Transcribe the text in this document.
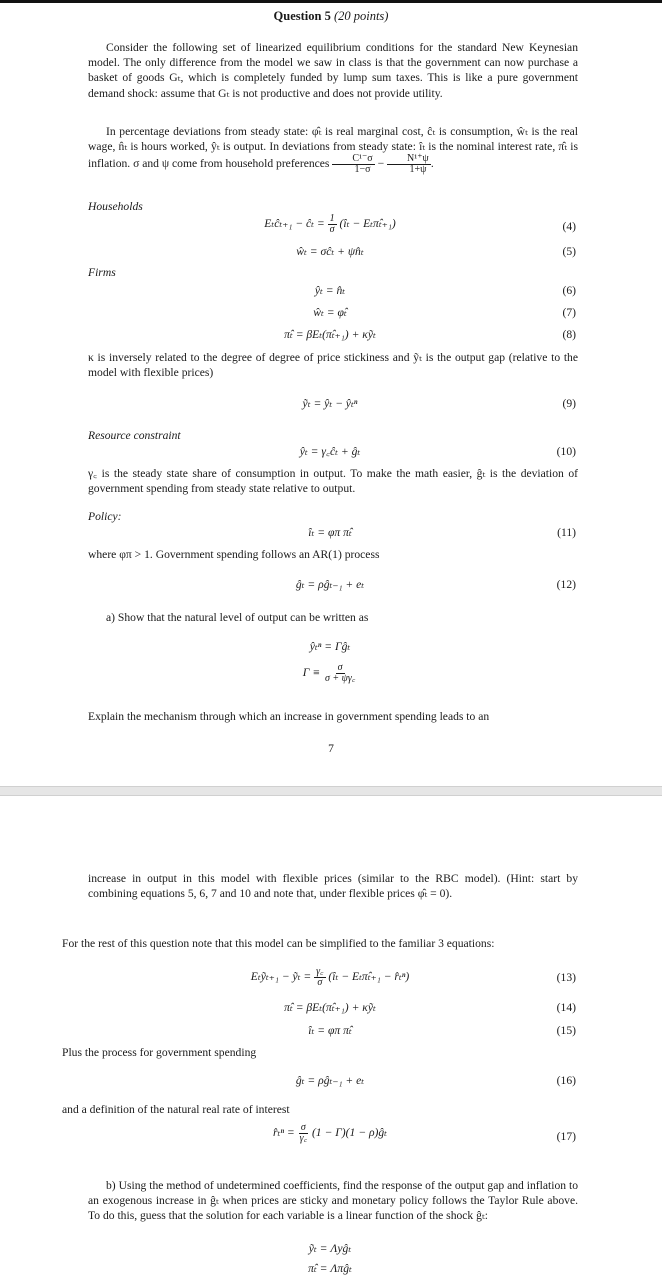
Question 5 (20 points)
Consider the following set of linearized equilibrium conditions for the standard New Keynesian model. The only difference from the model we saw in class is that the government can now purchase a basket of goods Gₜ, which is completely funded by lump sum taxes. This is like a pure government demand shock: assume that Gₜ is not productive and does not provide utility.
In percentage deviations from steady state: φ̂ₜ is real marginal cost, ĉₜ is consumption, ŵₜ is the real wage, n̂ₜ is hours worked, ŷₜ is output. In deviations from steady state: îₜ is the nominal interest rate, π̂ₜ is inflation. σ and ψ come from household preferences $\frac{\text{C¹⁻σ}}{1-\sigma} - \frac{\text{N¹⁺ψ}}{1+\psi}$ .
Households
Eₜĉₜ₊₁ − ĉₜ = $\frac{1}{\sigma}$ (îₜ − Eₜπ̂ₜ₊₁)	(4)
ŵₜ = σĉₜ + ψn̂ₜ	(5)
Firms
ŷₜ = n̂ₜ	(6)
ŵₜ = φ̂ₜ	(7)
π̂ₜ = βEₜ(π̂ₜ₊₁) + κỹₜ	(8)
κ is inversely related to the degree of degree of price stickiness and ỹₜ is the output gap (relative to the model with flexible prices)
ỹₜ = ŷₜ − ŷₜⁿ	(9)
Resource constraint
ŷₜ = γ꜀ĉₜ + ĝₜ	(10)
γ꜀ is the steady state share of consumption in output. To make the math easier, ĝₜ is the deviation of government spending from steady state relative to output.
Policy:
îₜ = φπ π̂ₜ	(11)
where φπ > 1. Government spending follows an AR(1) process
ĝₜ = ρĝₜ₋₁ + eₜ	(12)
a) Show that the natural level of output can be written as
ŷₜⁿ = Γĝₜ
$\Gamma \equiv \frac{\sigma}{\sigma + \psi\gamma꜀}$
Explain the mechanism through which an increase in government spending leads to an
7
increase in output in this model with flexible prices (similar to the RBC model). (Hint: start by combining equations 5, 6, 7 and 10 and note that, under flexible prices φ̂ₜ = 0).
For the rest of this question note that this model can be simplified to the familiar 3 equations:
Eₜỹₜ₊₁ − ỹₜ = $\frac{\gamma꜀}{\sigma}$ (îₜ − Eₜπ̂ₜ₊₁ − r̂ₜⁿ)	(13)
π̂ₜ = βEₜ(π̂ₜ₊₁) + κỹₜ	(14)
îₜ = φπ π̂ₜ	(15)
Plus the process for government spending
ĝₜ = ρĝₜ₋₁ + eₜ	(16)
and a definition of the natural real rate of interest
r̂ₜⁿ = $\frac{\sigma}{\gamma꜀} (1 - \Gamma)(1$ − ρ)ĝₜ	(17)
b) Using the method of undetermined coefficients, find the response of the output gap and inflation to an exogenous increase in ĝₜ when prices are sticky and monetary policy follows the Taylor Rule above. To do this, guess that the solution for each variable is a linear function of the shock ĝₜ:
ỹₜ = Λyĝₜ
π̂ₜ = Λπĝₜ
